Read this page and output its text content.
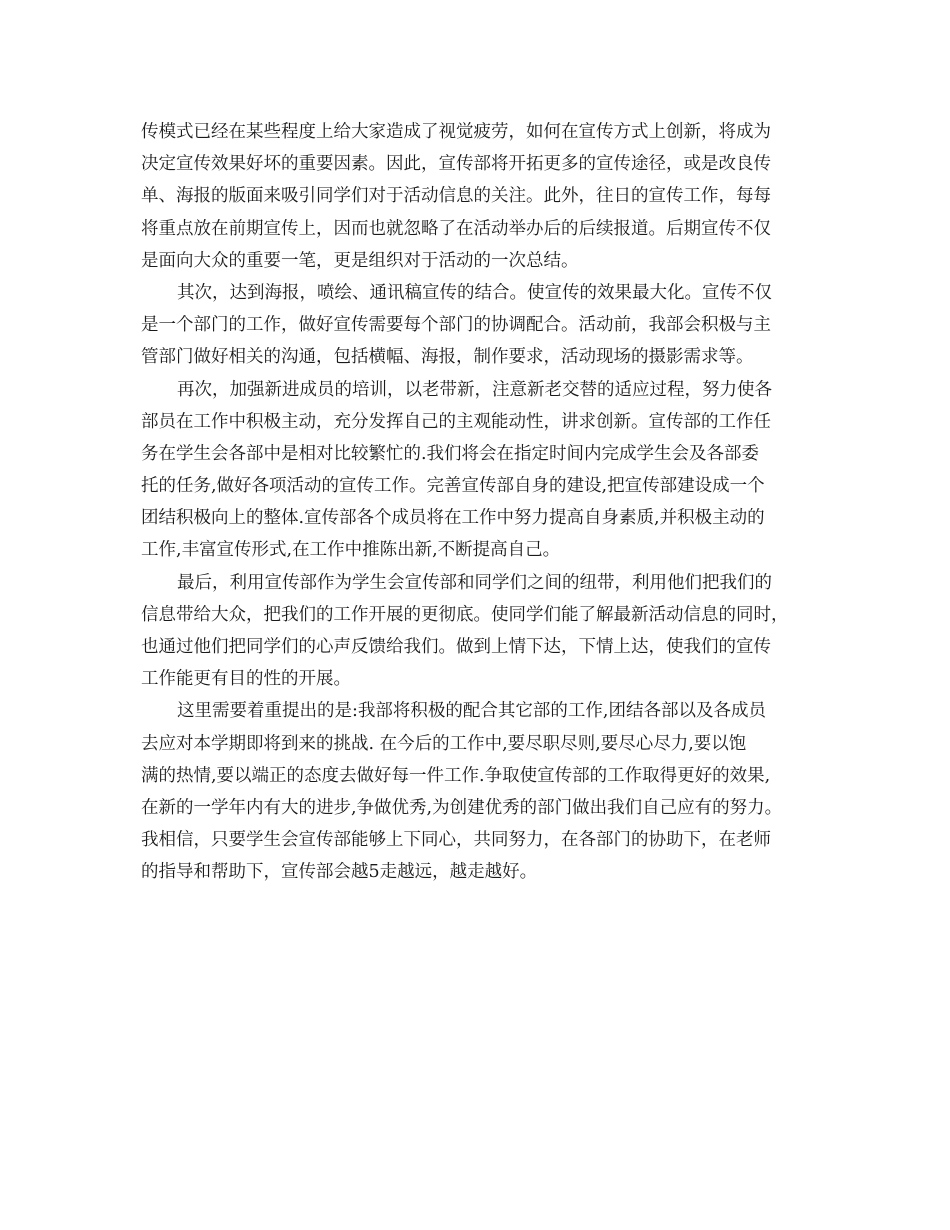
传模式已经在某些程度上给大家造成了视觉疲劳，如何在宣传方式上创新，将成为
决定宣传效果好坏的重要因素。因此，宣传部将开拓更多的宣传途径，或是改良传
单、海报的版面来吸引同学们对于活动信息的关注。此外，往日的宣传工作，每每
将重点放在前期宣传上，因而也就忽略了在活动举办后的后续报道。后期宣传不仅
是面向大众的重要一笔，更是组织对于活动的一次总结。
其次，达到海报，喷绘、通讯稿宣传的结合。使宣传的效果最大化。宣传不仅
是一个部门的工作，做好宣传需要每个部门的协调配合。活动前，我部会积极与主
管部门做好相关的沟通，包括横幅、海报，制作要求，活动现场的摄影需求等。
再次，加强新进成员的培训，以老带新，注意新老交替的适应过程，努力使各
部员在工作中积极主动，充分发挥自己的主观能动性，讲求创新。宣传部的工作任
务在学生会各部中是相对比较繁忙的.我们将会在指定时间内完成学生会及各部委
托的任务,做好各项活动的宣传工作。完善宣传部自身的建设,把宣传部建设成一个
团结积极向上的整体.宣传部各个成员将在工作中努力提高自身素质,并积极主动的
工作,丰富宣传形式,在工作中推陈出新,不断提高自己。
最后，利用宣传部作为学生会宣传部和同学们之间的纽带，利用他们把我们的
信息带给大众，把我们的工作开展的更彻底。使同学们能了解最新活动信息的同时，
也通过他们把同学们的心声反馈给我们。做到上情下达，下情上达，使我们的宣传
工作能更有目的性的开展。
这里需要着重提出的是:我部将积极的配合其它部的工作,团结各部以及各成员
去应对本学期即将到来的挑战. 在今后的工作中,要尽职尽则,要尽心尽力,要以饱
满的热情,要以端正的态度去做好每一件工作.争取使宣传部的工作取得更好的效果,
在新的一学年内有大的进步,争做优秀,为创建优秀的部门做出我们自己应有的努力。
我相信，只要学生会宣传部能够上下同心，共同努力，在各部门的协助下，在老师
的指导和帮助下，宣传部会越5走越远，越走越好。
